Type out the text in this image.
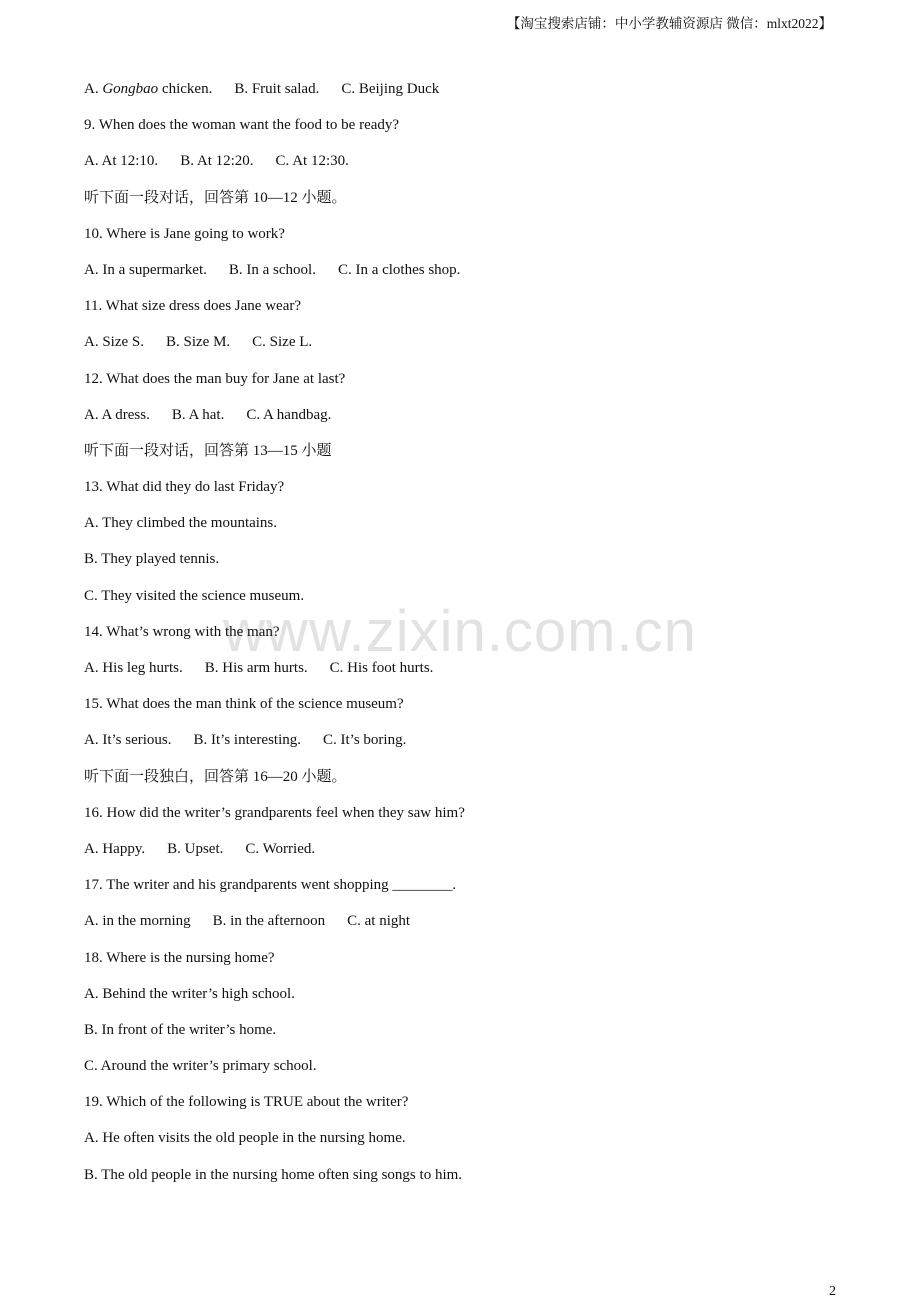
【淘宝搜索店铺：中小学教辅资源店 微信：mlxt2022】
www.zixin.com.cn
A. Gongbao chicken. B. Fruit salad. C. Beijing Duck
9. When does the woman want the food to be ready?
A. At 12:10. B. At 12:20. C. At 12:30.
听下面一段对话，回答第 10—12 小题。
10. Where is Jane going to work?
A. In a supermarket. B. In a school. C. In a clothes shop.
11. What size dress does Jane wear?
A. Size S. B. Size M. C. Size L.
12. What does the man buy for Jane at last?
A. A dress. B. A hat. C. A handbag.
听下面一段对话，回答第 13—15 小题
13. What did they do last Friday?
A. They climbed the mountains.
B. They played tennis.
C. They visited the science museum.
14. What’s wrong with the man?
A. His leg hurts. B. His arm hurts. C. His foot hurts.
15. What does the man think of the science museum?
A. It’s serious. B. It’s interesting. C. It’s boring.
听下面一段独白，回答第 16—20 小题。
16. How did the writer’s grandparents feel when they saw him?
A. Happy. B. Upset. C. Worried.
17. The writer and his grandparents went shopping ________.
A. in the morning B. in the afternoon C. at night
18. Where is the nursing home?
A. Behind the writer’s high school.
B. In front of the writer’s home.
C. Around the writer’s primary school.
19. Which of the following is TRUE about the writer?
A. He often visits the old people in the nursing home.
B. The old people in the nursing home often sing songs to him.
2
